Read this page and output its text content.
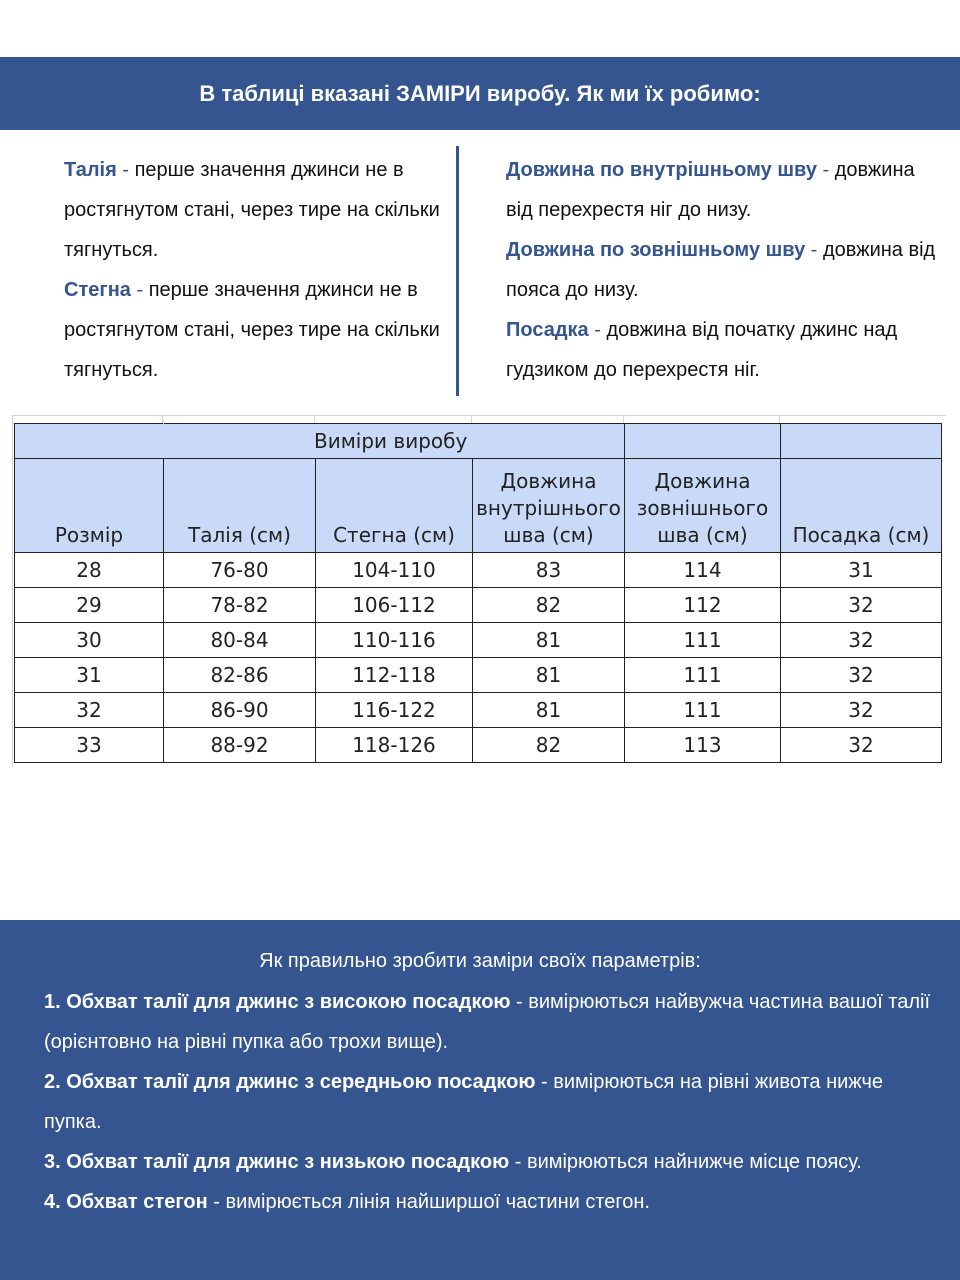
В таблиці вказані ЗАМІРИ виробу. Як ми їх робимо:

Талія - перше значення джинси не в ростягнутом стані, через тире на скільки тягнуться.

Стегна - перше значення джинси не в ростягнутом стані, через тире на скільки тягнуться.

Довжина по внутрішньому шву - довжина від перехрестя ніг до низу.

Довжина по зовнішньому шву - довжина від пояса до низу.

Посадка - довжина від початку джинс над гудзиком до перехрестя ніг.

	Виміри виробу				
Розмір	Талія (см)	Стегна (см)	Довжина внутрішнього шва (см)	Довжина зовнішнього шва (см)	Посадка (см)
28	76-80	104-110	83	114	31
29	78-82	106-112	82	112	32
30	80-84	110-116	81	111	32
31	82-86	112-118	81	111	32
32	86-90	116-122	81	111	32
33	88-92	118-126	82	113	32
Як правильно зробити заміри своїх параметрів:

1. Обхват талії для джинс з високою посадкою - вимірюються найвужча частина вашої талії (орієнтовно на рівні пупка або трохи вище).

2. Обхват талії для джинс з середньою посадкою - вимірюються на рівні живота нижче пупка.

3. Обхват талії для джинс з низькою посадкою - вимірюються найнижче місце поясу.

4. Обхват стегон - вимірюється лінія найширшої частини стегон.
